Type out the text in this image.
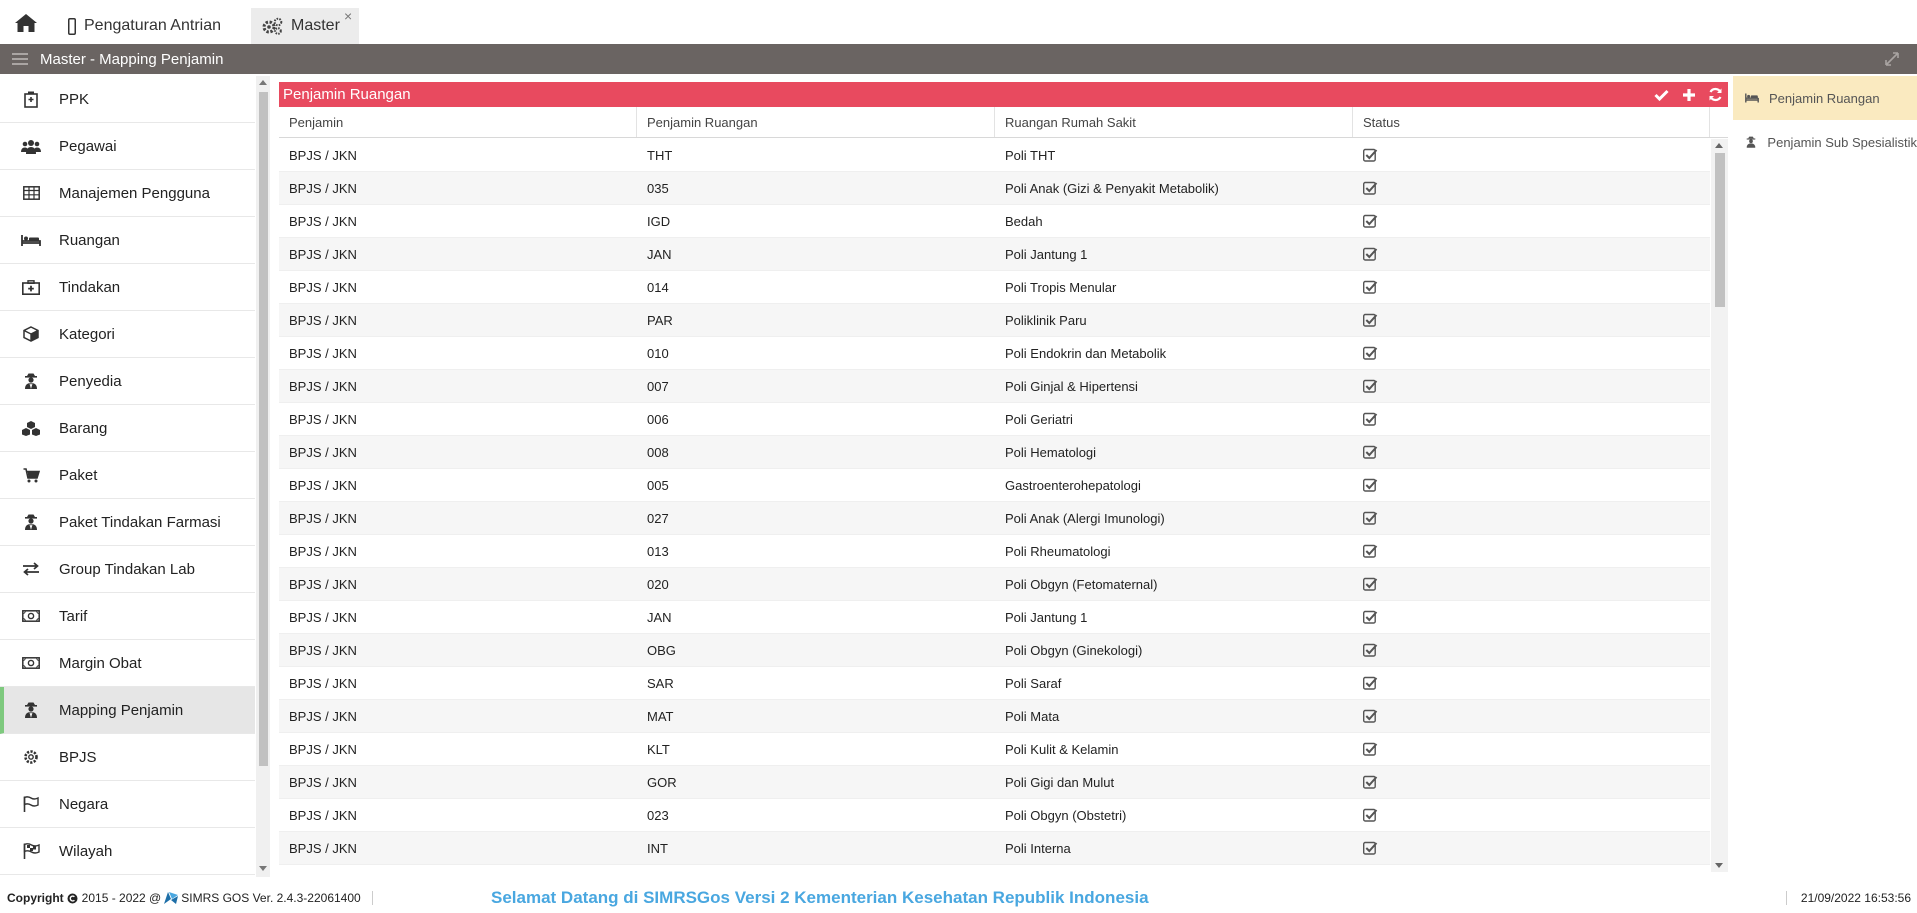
Pengaturan Antrian	Master
×
Master - Mapping Penjamin
PPK
Pegawai
Manajemen Pengguna
Ruangan
Tindakan
Kategori
Penyedia
Barang
Paket
Paket Tindakan Farmasi
Group Tindakan Lab
Tarif
Margin Obat
Mapping Penjamin
BPJS
Negara
Wilayah
Penjamin Ruangan
Penjamin	Penjamin Ruangan	Ruangan Rumah Sakit	Status
BPJS / JKN	THT	Poli THT
BPJS / JKN	035	Poli Anak (Gizi & Penyakit Metabolik)
BPJS / JKN	IGD	Bedah
BPJS / JKN	JAN	Poli Jantung 1
BPJS / JKN	014	Poli Tropis Menular
BPJS / JKN	PAR	Poliklinik Paru
BPJS / JKN	010	Poli Endokrin dan Metabolik
BPJS / JKN	007	Poli Ginjal & Hipertensi
BPJS / JKN	006	Poli Geriatri
BPJS / JKN	008	Poli Hematologi
BPJS / JKN	005	Gastroenterohepatologi
BPJS / JKN	027	Poli Anak (Alergi Imunologi)
BPJS / JKN	013	Poli Rheumatologi
BPJS / JKN	020	Poli Obgyn (Fetomaternal)
BPJS / JKN	JAN	Poli Jantung 1
BPJS / JKN	OBG	Poli Obgyn (Ginekologi)
BPJS / JKN	SAR	Poli Saraf
BPJS / JKN	MAT	Poli Mata
BPJS / JKN	KLT	Poli Kulit & Kelamin
BPJS / JKN	GOR	Poli Gigi dan Mulut
BPJS / JKN	023	Poli Obgyn (Obstetri)
BPJS / JKN	INT	Poli Interna
Penjamin Ruangan
Penjamin Sub Spesialistik
Copyright 2015 - 2022 @ SIMRS GOS Ver. 2.4.3-22061400	Selamat Datang di SIMRSGos Versi 2 Kementerian Kesehatan Republik Indonesia	21/09/2022 16:53:56
